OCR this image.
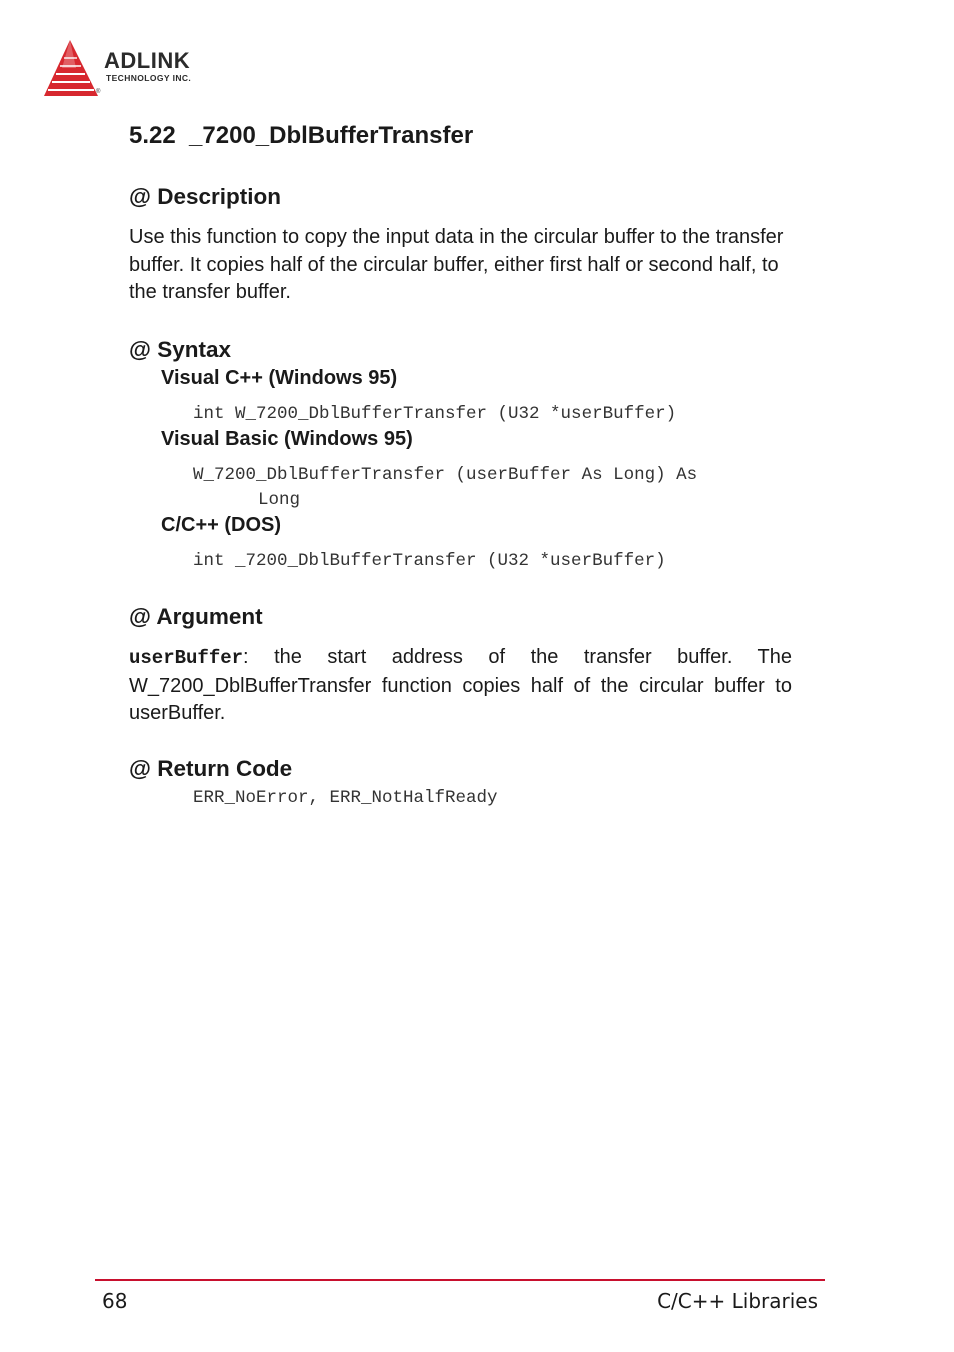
ADLINK
TECHNOLOGY INC.
®
5.22  _7200_DblBufferTransfer
@ Description
Use this function to copy the input data in the circular buffer to the transfer buffer. It copies half of the circular buffer, either first half or second half, to the transfer buffer.
@ Syntax
Visual C++ (Windows 95)
int W_7200_DblBufferTransfer (U32 *userBuffer)
Visual Basic (Windows 95)
W_7200_DblBufferTransfer (userBuffer As Long) As
Long
C/C++ (DOS)
int _7200_DblBufferTransfer (U32 *userBuffer)
@ Argument
userBuffer: the start address of the transfer buffer. The W_7200_DblBufferTransfer function copies half of the circular buffer to userBuffer.
@ Return Code
ERR_NoError, ERR_NotHalfReady
68	C/C++ Libraries
